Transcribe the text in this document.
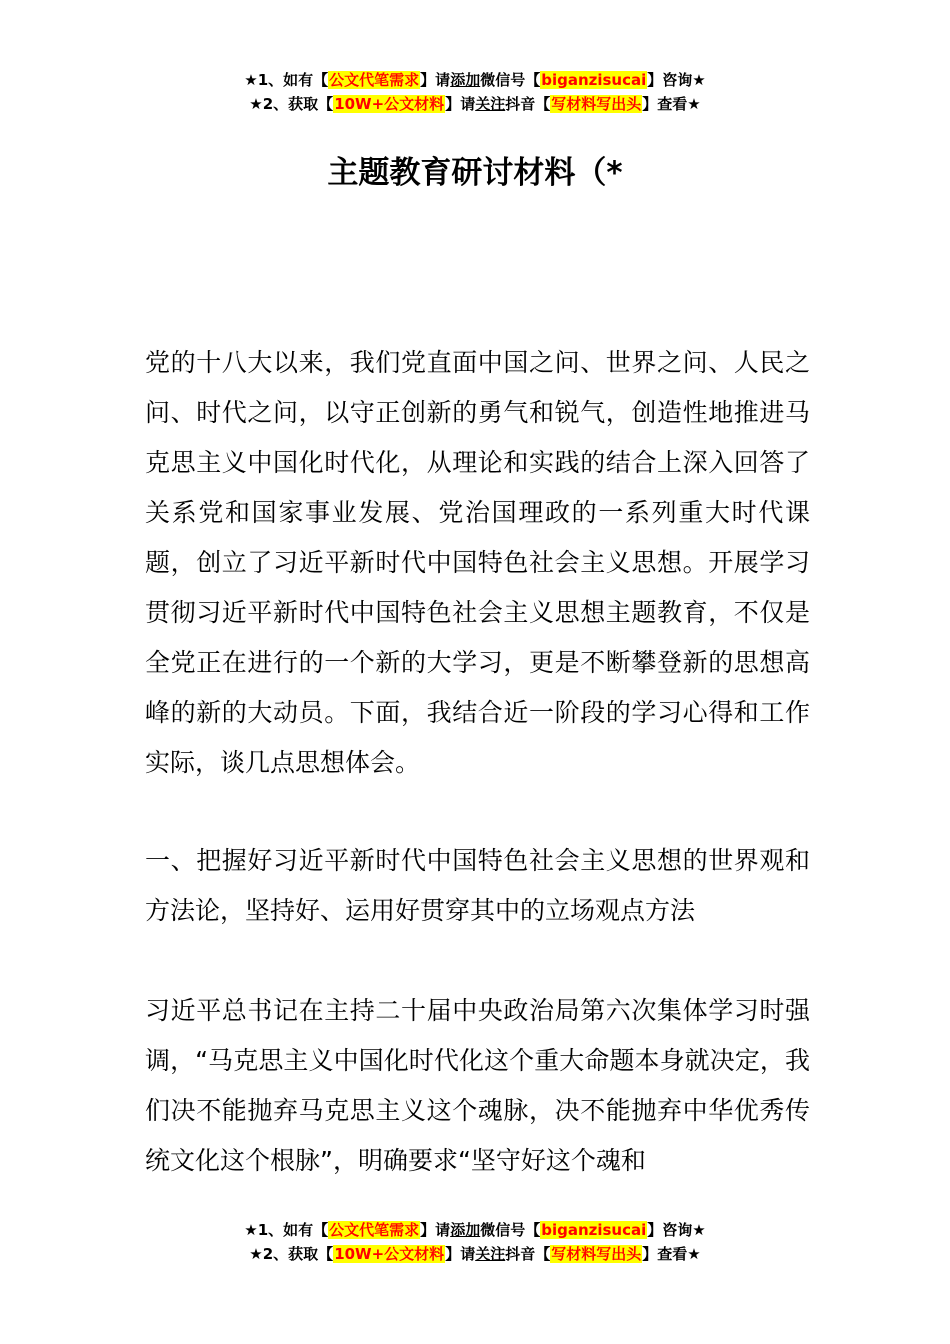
★1、如有【公文代笔需求】请添加微信号【biganzisucai】咨询★
★2、获取【10W+公文材料】请关注抖音【写材料写出头】查看★
主题教育研讨材料（*

党的十八大以来，我们党直面中国之问、世界之问、人民之问、时代之问，以守正创新的勇气和锐气，创造性地推进马克思主义中国化时代化，从理论和实践的结合上深入回答了关系党和国家事业发展、党治国理政的一系列重大时代课题，创立了习近平新时代中国特色社会主义思想。开展学习贯彻习近平新时代中国特色社会主义思想主题教育，不仅是全党正在进行的一个新的大学习，更是不断攀登新的思想高峰的新的大动员。下面，我结合近一阶段的学习心得和工作实际，谈几点思想体会。

一、把握好习近平新时代中国特色社会主义思想的世界观和方法论，坚持好、运用好贯穿其中的立场观点方法

习近平总书记在主持二十届中央政治局第六次集体学习时强调，“马克思主义中国化时代化这个重大命题本身就决定，我们决不能抛弃马克思主义这个魂脉，决不能抛弃中华优秀传统文化这个根脉”，明确要求“坚守好这个魂和

★1、如有【公文代笔需求】请添加微信号【biganzisucai】咨询★
★2、获取【10W+公文材料】请关注抖音【写材料写出头】查看★
